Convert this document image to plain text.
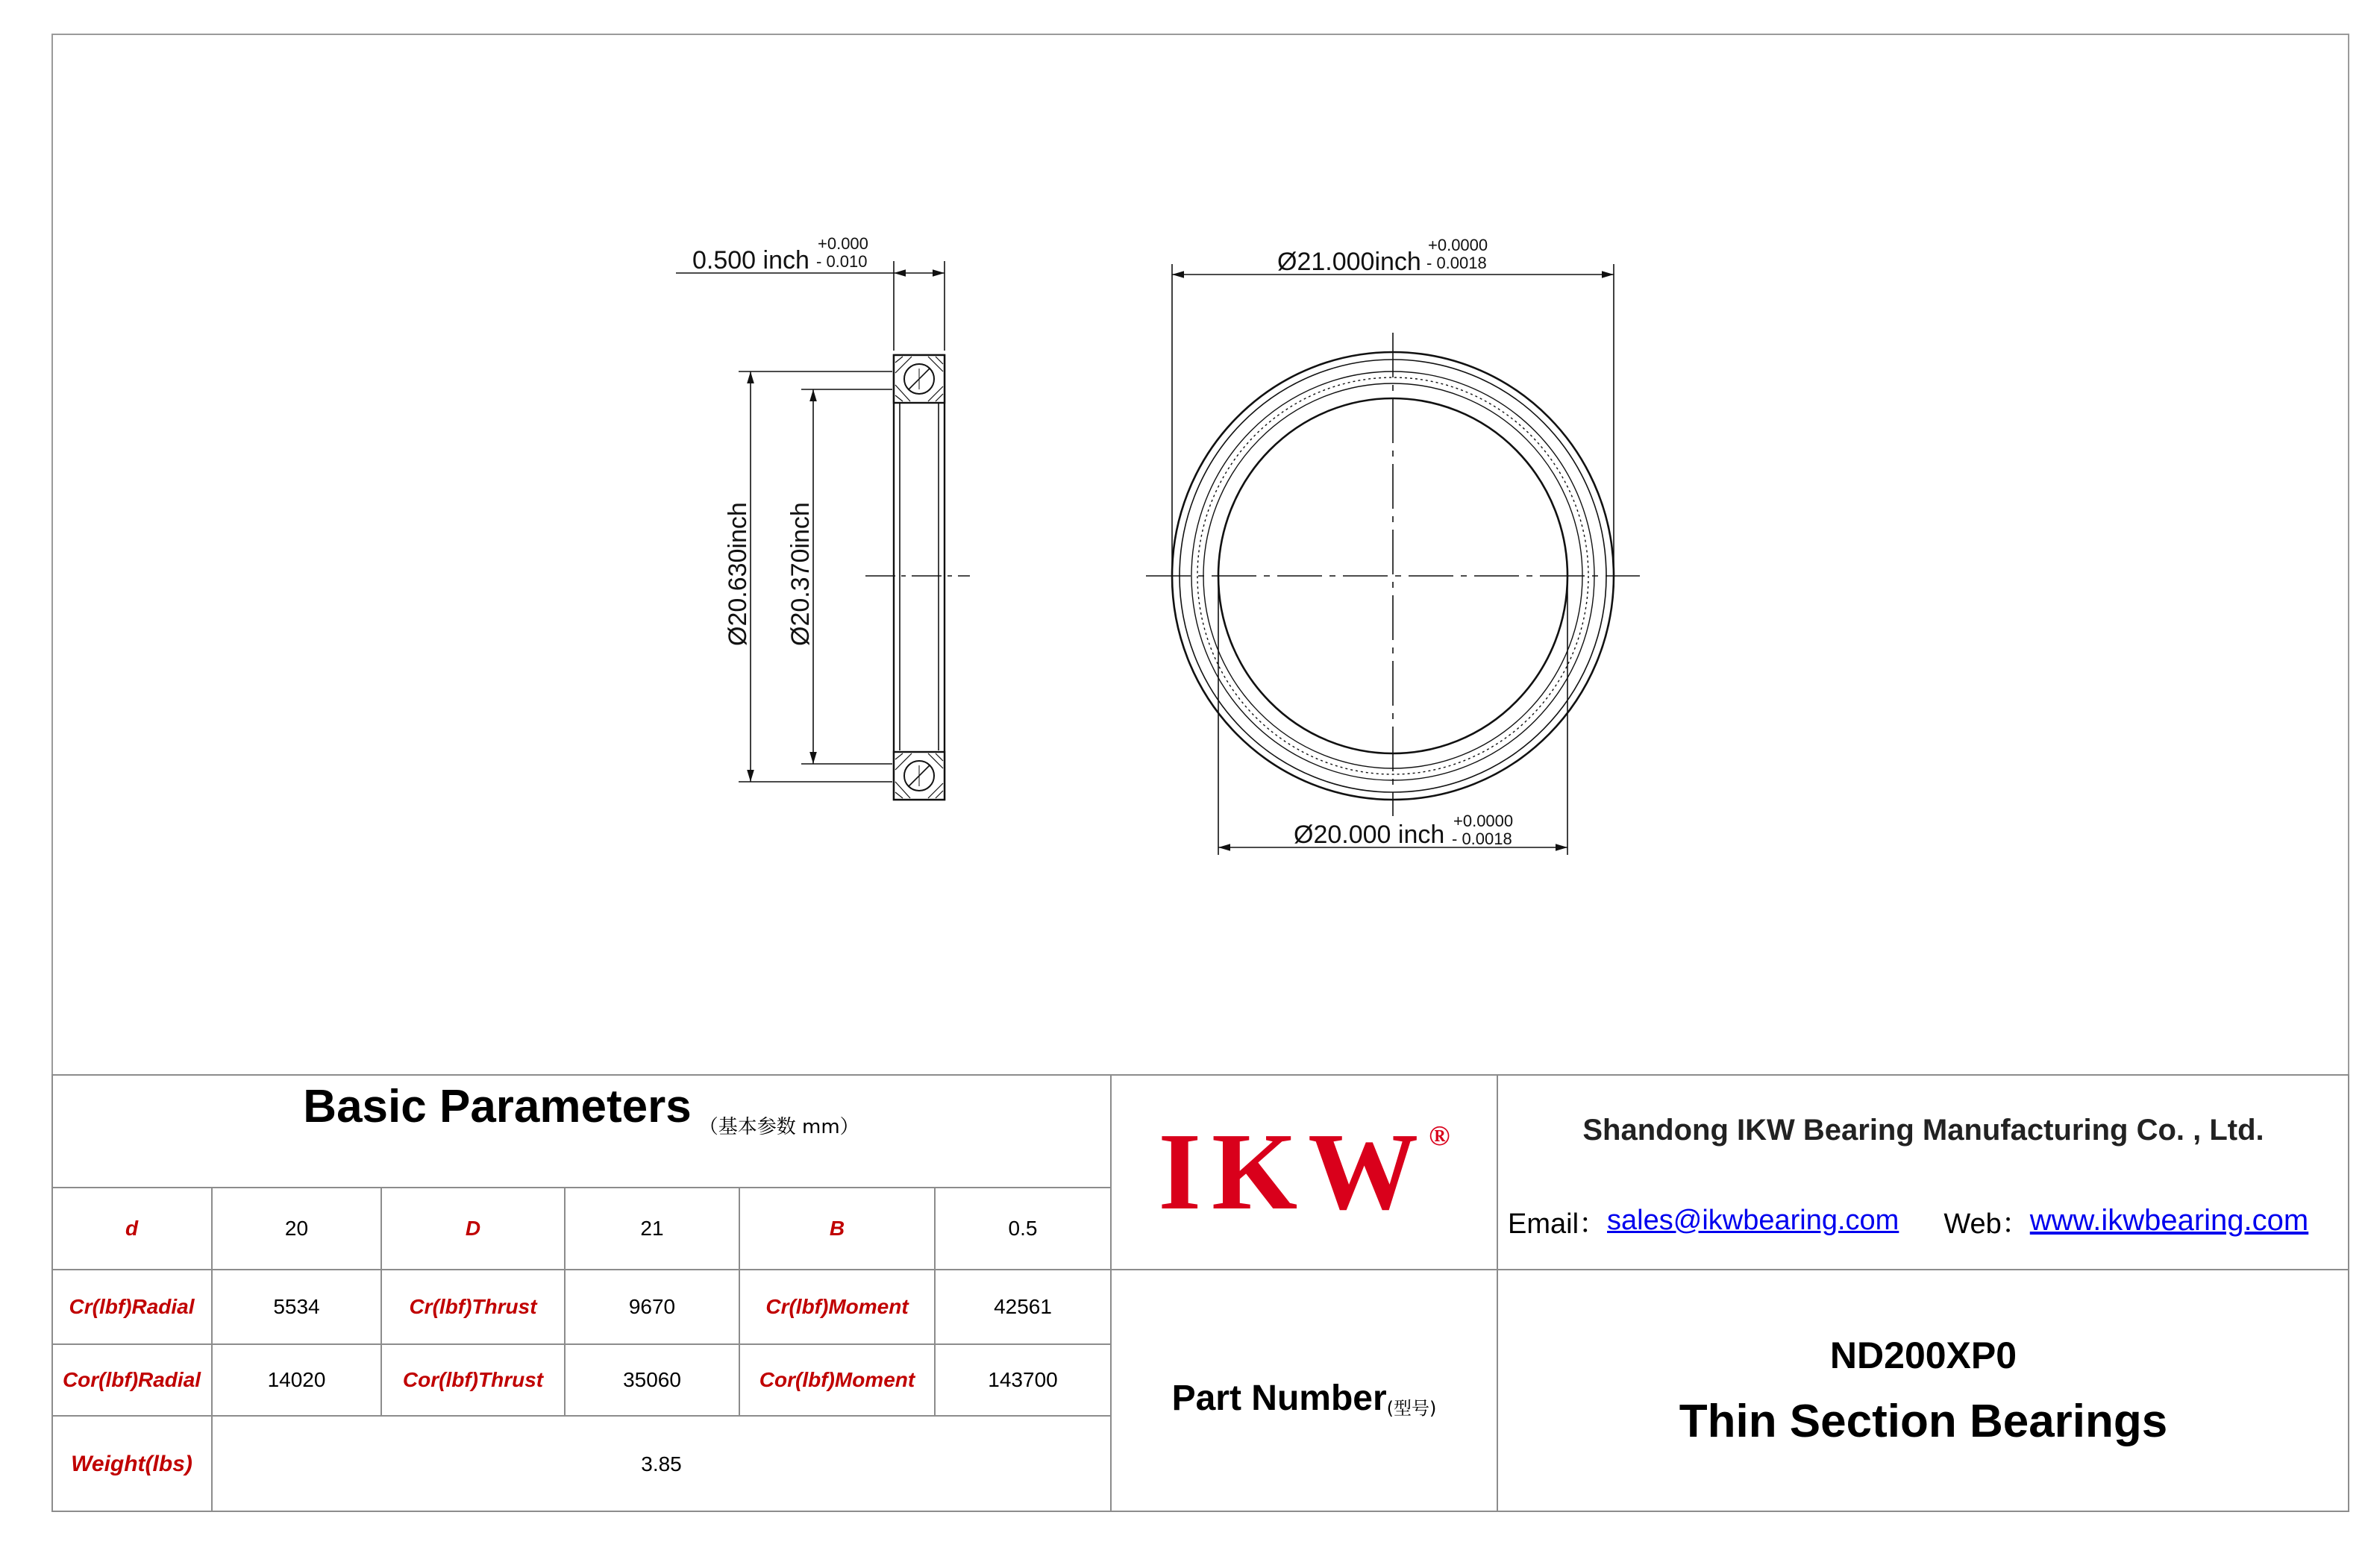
0.500 inch
+0.000
- 0.010
Ø20.630inch Ø20.370inch
Ø21.000inch
+0.0000
- 0.0018
Ø20.000 inch +0.0000
- 0.0018
Basic Parameters （基本参数 mm）
d	20	D	21	B	0.5
Cr(lbf)Radial	5534	Cr(lbf)Thrust	9670	Cr(lbf)Moment	42561
Cor(lbf)Radial	14020	Cor(lbf)Thrust	35060	Cor(lbf)Moment	143700
Weight(lbs)	3.85
IKW ®	Shandong IKW Bearing Manufacturing Co. , Ltd.
Email： sales@ikwbearing.com Web： www.ikwbearing.com
Part Number (型号)
ND200XP0
Thin Section Bearings
